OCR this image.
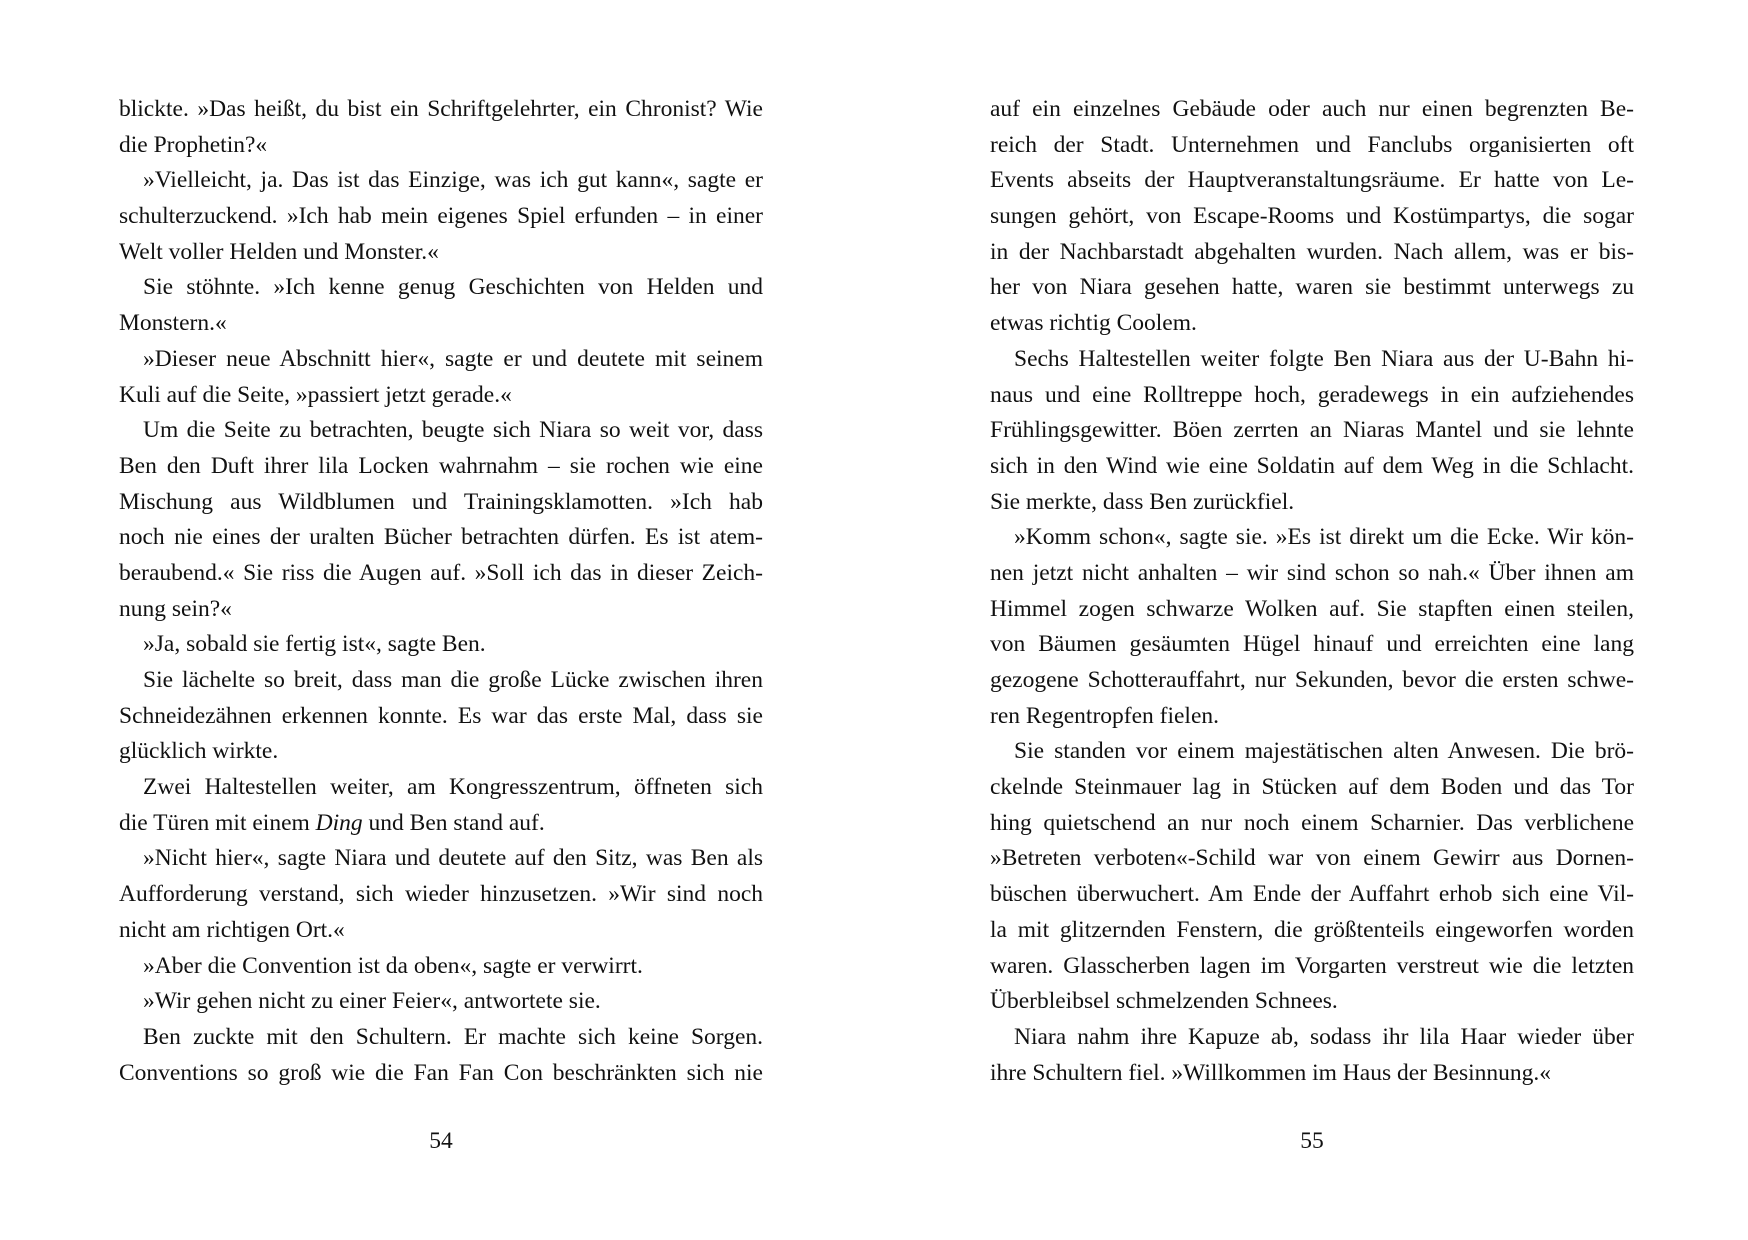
blickte. »Das heißt, du bist ein Schriftgelehrter, ein Chronist? Wie
die Prophetin?«
»Vielleicht, ja. Das ist das Einzige, was ich gut kann«, sagte er
schulterzuckend. »Ich hab mein eigenes Spiel erfunden – in einer
Welt voller Helden und Monster.«
Sie stöhnte. »Ich kenne genug Geschichten von Helden und
Monstern.«
»Dieser neue Abschnitt hier«, sagte er und deutete mit seinem
Kuli auf die Seite, »passiert jetzt gerade.«
Um die Seite zu betrachten, beugte sich Niara so weit vor, dass
Ben den Duft ihrer lila Locken wahrnahm – sie rochen wie eine
Mischung aus Wildblumen und Trainingsklamotten. »Ich hab
noch nie eines der uralten Bücher betrachten dürfen. Es ist atem-
beraubend.« Sie riss die Augen auf. »Soll ich das in dieser Zeich-
nung sein?«
»Ja, sobald sie fertig ist«, sagte Ben.
Sie lächelte so breit, dass man die große Lücke zwischen ihren
Schneidezähnen erkennen konnte. Es war das erste Mal, dass sie
glücklich wirkte.
Zwei Haltestellen weiter, am Kongresszentrum, öffneten sich
die Türen mit einem Ding und Ben stand auf.
»Nicht hier«, sagte Niara und deutete auf den Sitz, was Ben als
Aufforderung verstand, sich wieder hinzusetzen. »Wir sind noch
nicht am richtigen Ort.«
»Aber die Convention ist da oben«, sagte er verwirrt.
»Wir gehen nicht zu einer Feier«, antwortete sie.
Ben zuckte mit den Schultern. Er machte sich keine Sorgen.
Conventions so groß wie die Fan Fan Con beschränkten sich nie
54
auf ein einzelnes Gebäude oder auch nur einen begrenzten Be-
reich der Stadt. Unternehmen und Fanclubs organisierten oft
Events abseits der Hauptveranstaltungsräume. Er hatte von Le-
sungen gehört, von Escape-Rooms und Kostümpartys, die sogar
in der Nachbarstadt abgehalten wurden. Nach allem, was er bis-
her von Niara gesehen hatte, waren sie bestimmt unterwegs zu
etwas richtig Coolem.
Sechs Haltestellen weiter folgte Ben Niara aus der U-Bahn hi-
naus und eine Rolltreppe hoch, geradewegs in ein aufziehendes
Frühlingsgewitter. Böen zerrten an Niaras Mantel und sie lehnte
sich in den Wind wie eine Soldatin auf dem Weg in die Schlacht.
Sie merkte, dass Ben zurückfiel.
»Komm schon«, sagte sie. »Es ist direkt um die Ecke. Wir kön-
nen jetzt nicht anhalten – wir sind schon so nah.« Über ihnen am
Himmel zogen schwarze Wolken auf. Sie stapften einen steilen,
von Bäumen gesäumten Hügel hinauf und erreichten eine lang
gezogene Schotterauffahrt, nur Sekunden, bevor die ersten schwe-
ren Regentropfen fielen.
Sie standen vor einem majestätischen alten Anwesen. Die brö-
ckelnde Steinmauer lag in Stücken auf dem Boden und das Tor
hing quietschend an nur noch einem Scharnier. Das verblichene
»Betreten verboten«-Schild war von einem Gewirr aus Dornen-
büschen überwuchert. Am Ende der Auffahrt erhob sich eine Vil-
la mit glitzernden Fenstern, die größtenteils eingeworfen worden
waren. Glasscherben lagen im Vorgarten verstreut wie die letzten
Überbleibsel schmelzenden Schnees.
Niara nahm ihre Kapuze ab, sodass ihr lila Haar wieder über
ihre Schultern fiel. »Willkommen im Haus der Besinnung.«
55
